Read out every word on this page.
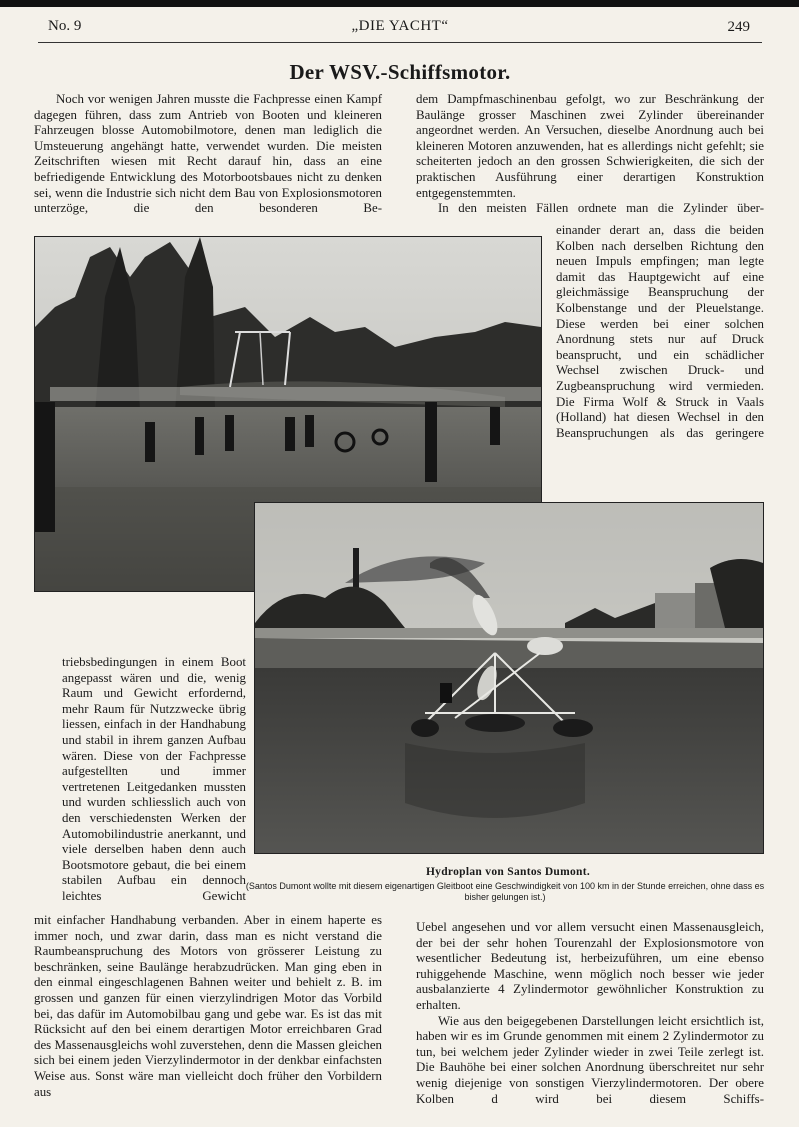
No. 9	„DIE YACHT“	249
Der WSV.-Schiffsmotor.

Noch vor wenigen Jahren musste die Fachpresse einen Kampf dagegen führen, dass zum Antrieb von Booten und kleineren Fahrzeugen blosse Automobilmotore, denen man lediglich die Umsteuerung angehängt hatte, verwendet wurden. Die meisten Zeitschriften wiesen mit Recht darauf hin, dass an eine befriedigende Entwicklung des Motorbootsbaues nicht zu denken sei, wenn die Industrie sich nicht dem Bau von Explosionsmotoren unterzöge, die den besonderen Be-

dem Dampfmaschinenbau gefolgt, wo zur Beschränkung der Baulänge grosser Maschinen zwei Zylinder übereinander angeordnet werden. An Versuchen, dieselbe Anordnung auch bei kleineren Motoren anzuwenden, hat es allerdings nicht gefehlt; sie scheiterten jedoch an den grossen Schwierigkeiten, die sich der praktischen Ausführung einer derartigen Konstruktion entgegenstemmten.

In den meisten Fällen ordnete man die Zylinder über-

einander derart an, dass die beiden Kolben nach derselben Richtung den neuen Impuls empfingen; man legte damit das Hauptgewicht auf eine gleichmässige Beanspruchung der Kolbenstange und der Pleuelstange. Diese werden bei einer solchen Anordnung stets nur auf Druck beansprucht, und ein schädlicher Wechsel zwischen Druck- und Zugbeanspruchung wird vermieden. Die Firma Wolf & Struck in Vaals (Holland) hat diesen Wechsel in den Beanspruchungen als das geringere

triebsbedingungen in einem Boot angepasst wären und die, wenig Raum und Gewicht erfordernd, mehr Raum für Nutzzwecke übrig liessen, einfach in der Handhabung und stabil in ihrem ganzen Aufbau wären. Diese von der Fachpresse aufgestellten und immer vertretenen Leitgedanken mussten und wurden schliesslich auch von den verschiedensten Werken der Automobilindustrie anerkannt, und viele derselben haben denn auch Bootsmotore gebaut, die bei einem stabilen Aufbau ein dennoch leichtes Gewicht

Hydroplan von Santos Dumont.
(Santos Dumont wollte mit diesem eigenartigen Gleitboot eine Geschwindigkeit von 100 km in der Stunde erreichen, ohne dass es bisher gelungen ist.)

mit einfacher Handhabung verbanden. Aber in einem haperte es immer noch, und zwar darin, dass man es nicht verstand die Raumbeanspruchung des Motors von grösserer Leistung zu beschränken, seine Baulänge herabzudrücken. Man ging eben in den einmal eingeschlagenen Bahnen weiter und behielt z. B. im grossen und ganzen für einen vierzylindrigen Motor das Vorbild bei, das dafür im Automobilbau gang und gebe war. Es ist das mit Rücksicht auf den bei einem derartigen Motor erreichbaren Grad des Massenausgleichs wohl zuverstehen, denn die Massen gleichen sich bei einem jeden Vierzylindermotor in der denkbar einfachsten Weise aus. Sonst wäre man vielleicht doch früher den Vorbildern aus

Uebel angesehen und vor allem versucht einen Massenausgleich, der bei der sehr hohen Tourenzahl der Explosionsmotore von wesentlicher Bedeutung ist, herbeizuführen, um eine ebenso ruhiggehende Maschine, wenn möglich noch besser wie jeder ausbalanzierte 4 Zylindermotor gewöhnlicher Konstruktion zu erhalten.

Wie aus den beigegebenen Darstellungen leicht ersichtlich ist, haben wir es im Grunde genommen mit einem 2 Zylindermotor zu tun, bei welchem jeder Zylinder wieder in zwei Teile zerlegt ist. Die Bauhöhe bei einer solchen Anordnung überschreitet nur sehr wenig diejenige von sonstigen Vierzylindermotoren. Der obere Kolben d wird bei diesem Schiffs-
